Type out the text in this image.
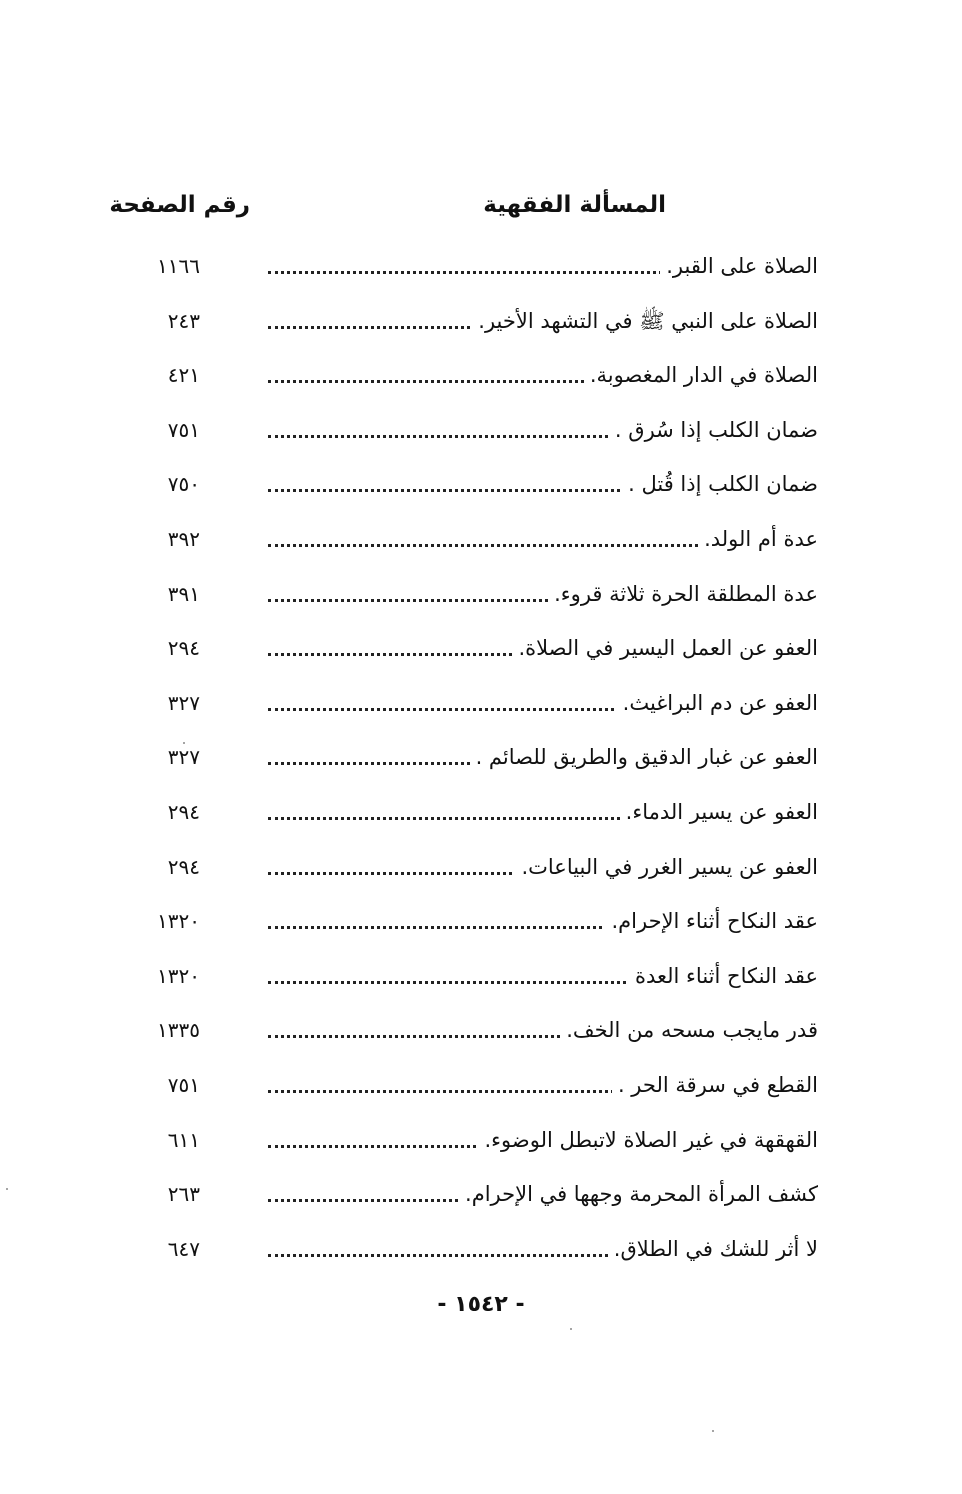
المسألة الفقهية
رقم الصفحة
الصلاة على القبر.
١١٦٦
الصلاة على النبي ﷺ في التشهد الأخير.
٢٤٣
الصلاة في الدار المغصوبة.
٤٢١
ضمان الكلب إذا سُرق .
٧٥١
ضمان الكلب إذا قُتل .
٧٥٠
عدة أم الولد.
٣٩٢
عدة المطلقة الحرة ثلاثة قروء.
٣٩١
العفو عن العمل اليسير في الصلاة.
٢٩٤
العفو عن دم البراغيث.
٣٢٧
العفو عن غبار الدقيق والطريق للصائم .
٣٢٧
العفو عن يسير الدماء.
٢٩٤
العفو عن يسير الغرر في البياعات.
٢٩٤
عقد النكاح أثناء الإحرام.
١٣٢٠
عقد النكاح أثناء العدة
١٣٢٠
قدر مايجب مسحه من الخف.
١٣٣٥
القطع في سرقة الحر .
٧٥١
القهقهة في غير الصلاة لاتبطل الوضوء.
٦١١
كشف المرأة المحرمة وجهها في الإحرام.
٢٦٣
لا أثر للشك في الطلاق.
٦٤٧
- ١٥٤٢ -
